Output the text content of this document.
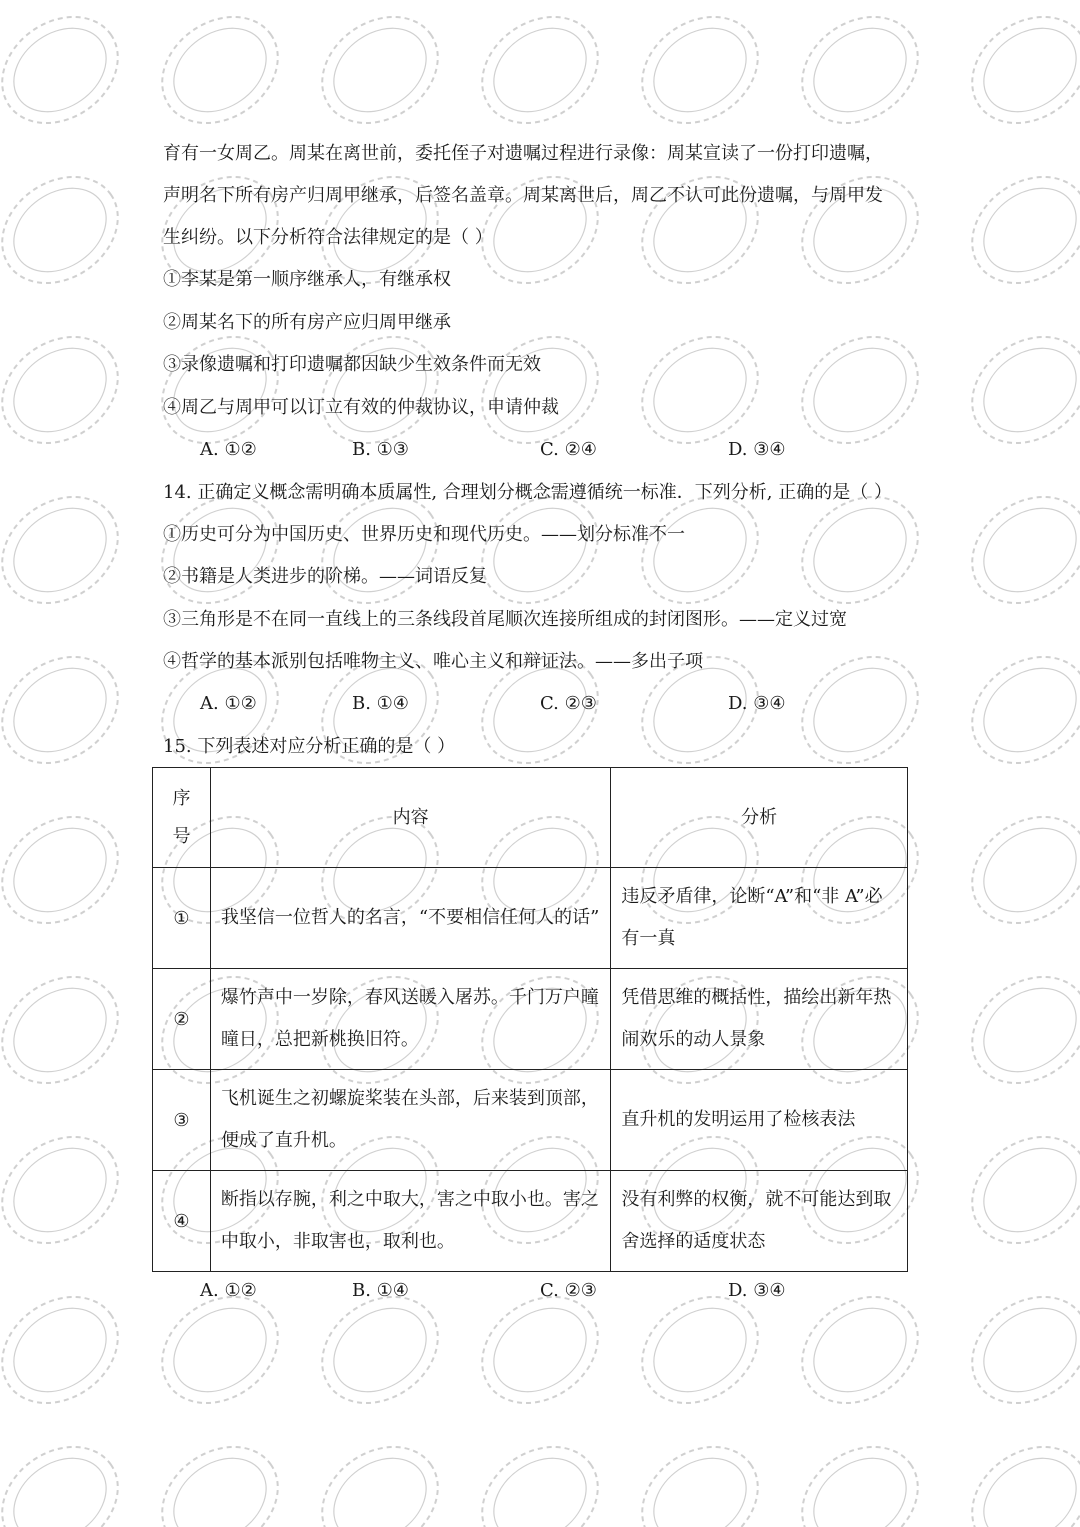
育有一女周乙。周某在离世前，委托侄子对遗嘱过程进行录像：周某宣读了一份打印遗嘱，
声明名下所有房产归周甲继承，后签名盖章。周某离世后，周乙不认可此份遗嘱，与周甲发
生纠纷。以下分析符合法律规定的是（ ）
①李某是第一顺序继承人，有继承权
②周某名下的所有房产应归周甲继承
③录像遗嘱和打印遗嘱都因缺少生效条件而无效
④周乙与周甲可以订立有效的仲裁协议，申请仲裁
A. ①②	B. ①③	C. ②④	D. ③④
14. 正确定义概念需明确本质属性, 合理划分概念需遵循统一标准．下列分析, 正确的是（ ）
①历史可分为中国历史、世界历史和现代历史。——划分标准不一
②书籍是人类进步的阶梯。——词语反复
③三角形是不在同一直线上的三条线段首尾顺次连接所组成的封闭图形。——定义过宽
④哲学的基本派别包括唯物主义、唯心主义和辩证法。——多出子项
A. ①②	B. ①④	C. ②③	D. ③④
15. 下列表述对应分析正确的是（ ）
序号	内容	分析

①	我坚信一位哲人的名言，“不要相信任何人的话”	违反矛盾律，论断“A”和“非 A”必有一真

②	爆竹声中一岁除，春风送暖入屠苏。千门万户曈曈日，总把新桃换旧符。	凭借思维的概括性，描绘出新年热闹欢乐的动人景象

③	飞机诞生之初螺旋桨装在头部，后来装到顶部，便成了直升机。	直升机的发明运用了检核表法

④	断指以存腕，利之中取大，害之中取小也。害之中取小，非取害也，取利也。	没有利弊的权衡，就不可能达到取舍选择的适度状态
A. ①②	B. ①④	C. ②③	D. ③④
